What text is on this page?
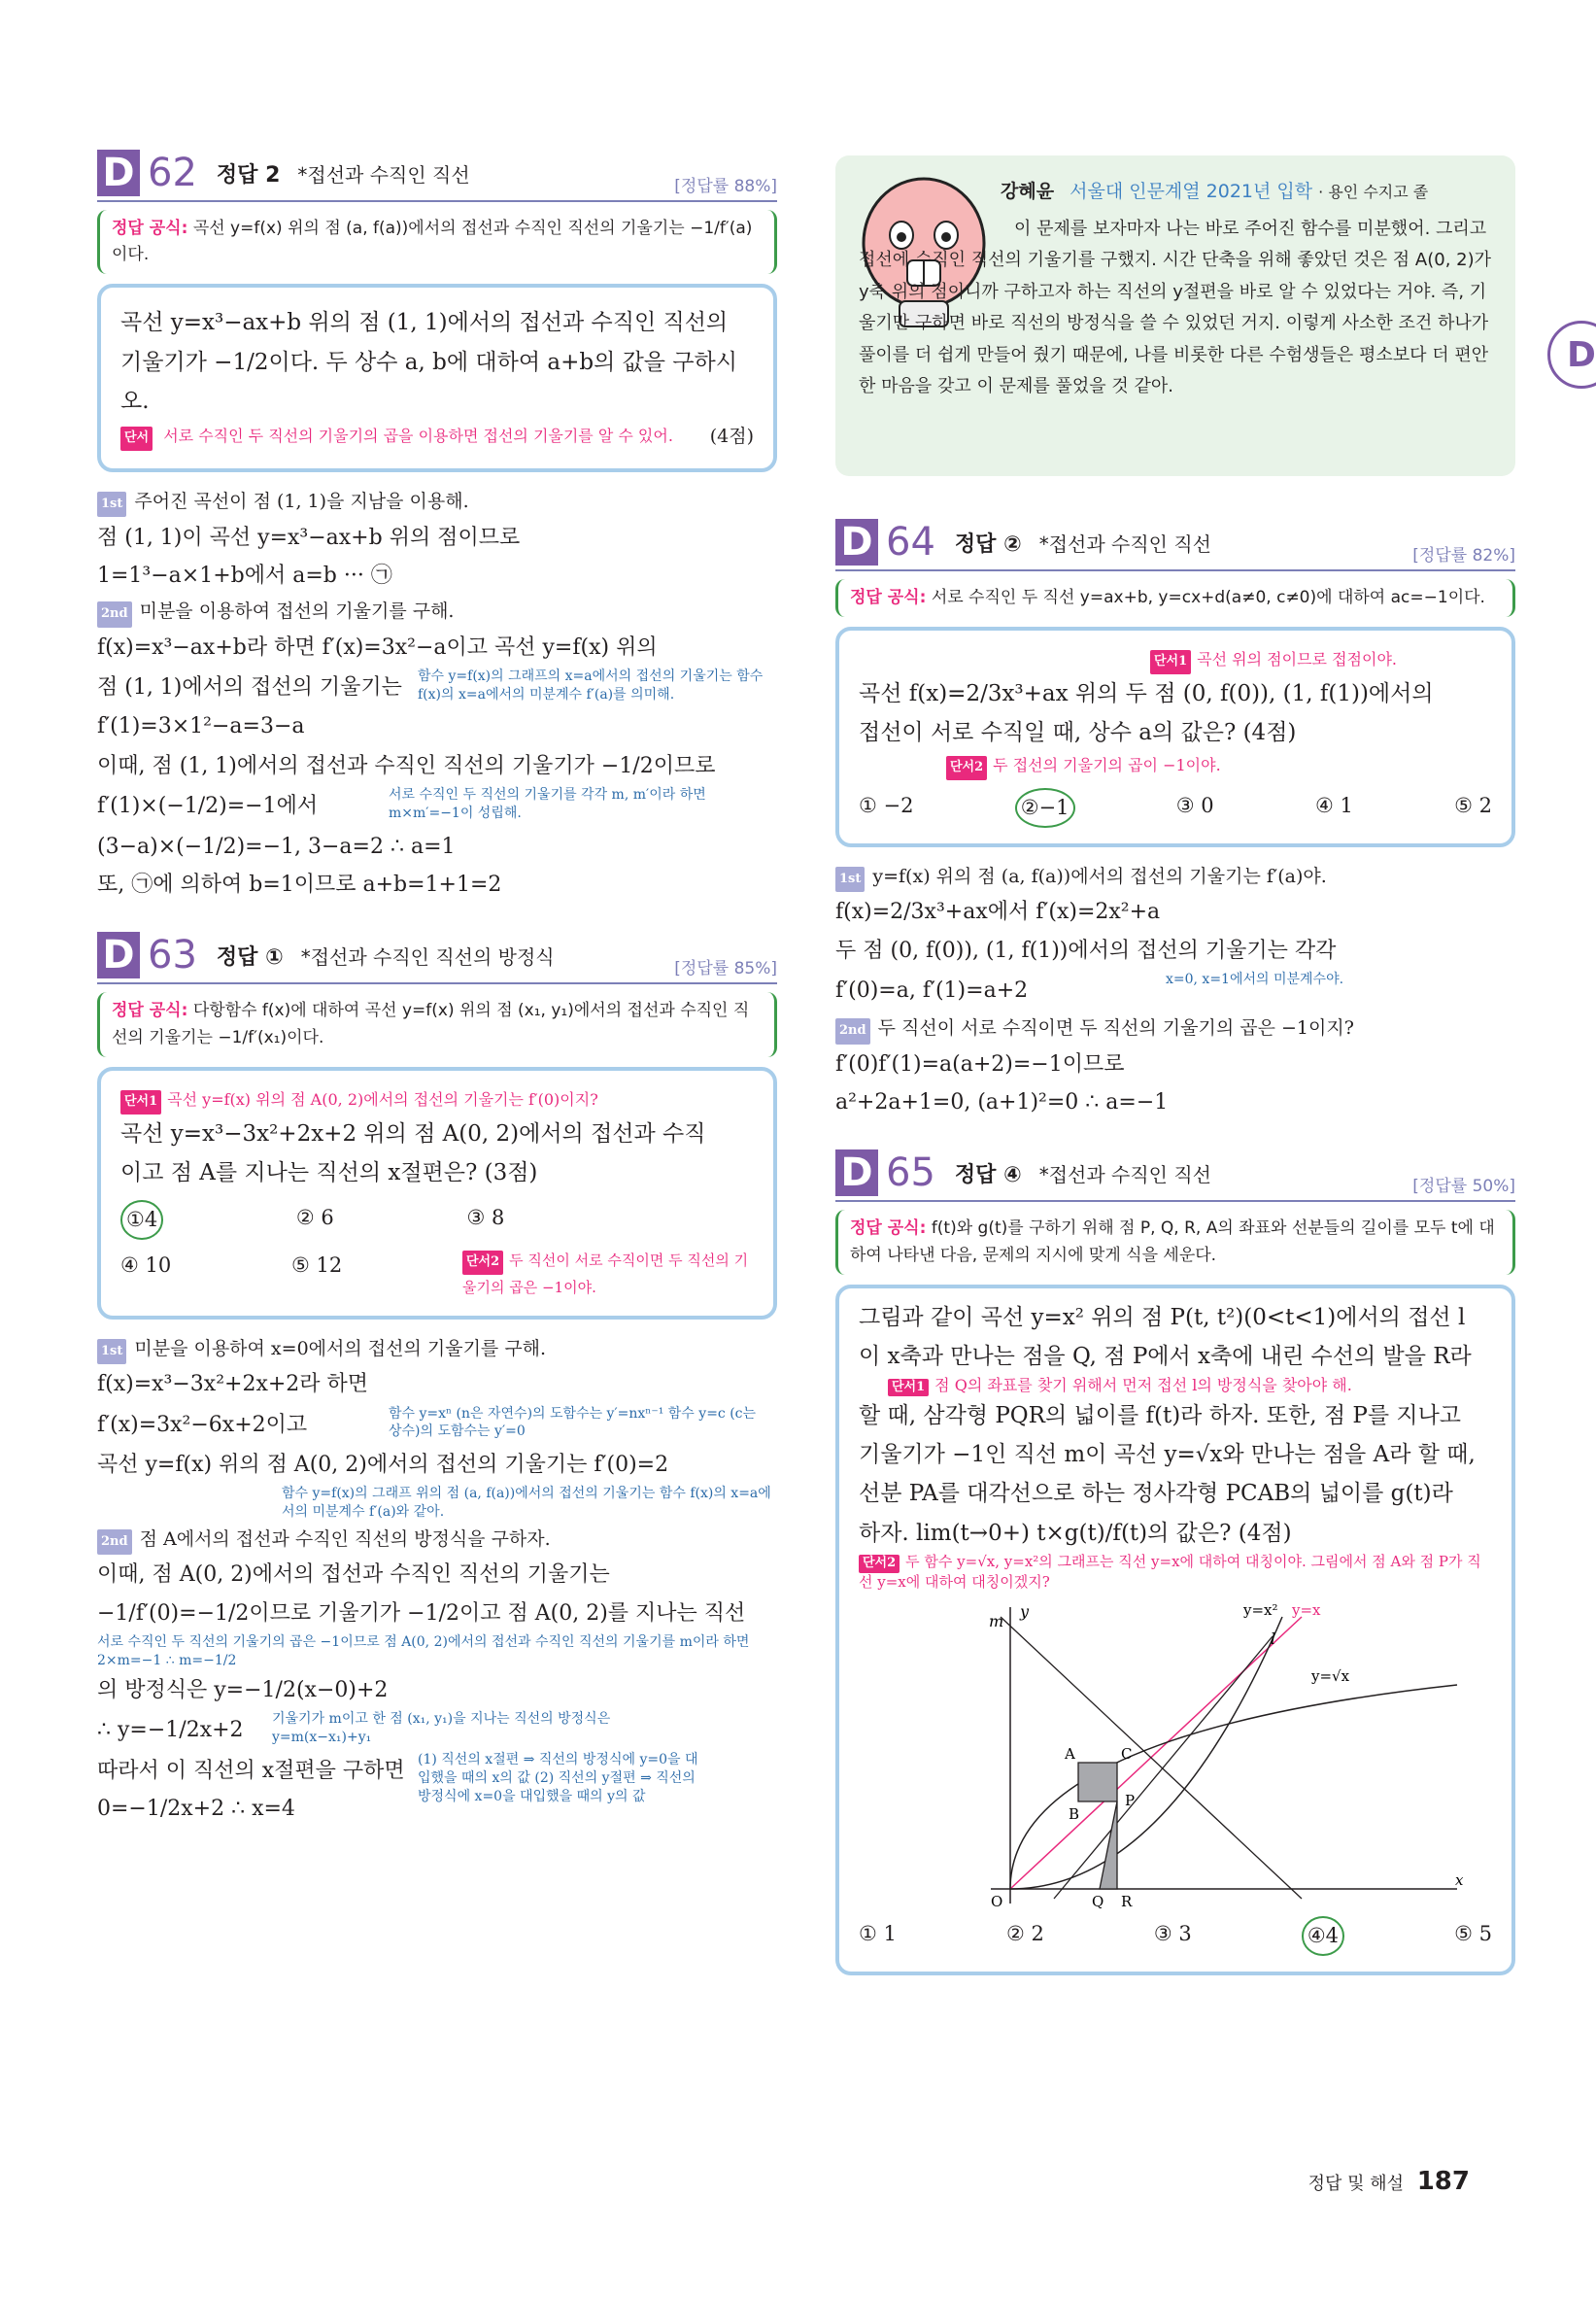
D 62 정답 2 *접선과 수직인 직선
[정답률 88%]
정답 공식: 곡선 y=f(x) 위의 점 (a, f(a))에서의 접선과 수직인 직선의 기울기는 −1/f′(a)이다.
곡선 y=x³−ax+b 위의 점 (1, 1)에서의 접선과 수직인 직선의
기울기가 −1/2이다. 두 상수 a, b에 대하여 a+b의 값을 구하시오.
단서 서로 수직인 두 직선의 기울기의 곱을 이용하면 접선의 기울기를 알 수 있어. (4점)
1st 주어진 곡선이 점 (1, 1)을 지남을 이용해.
점 (1, 1)이 곡선 y=x³−ax+b 위의 점이므로
1=1³−a×1+b에서 a=b ··· ㉠
2nd 미분을 이용하여 접선의 기울기를 구해.
f(x)=x³−ax+b라 하면 f′(x)=3x²−a이고 곡선 y=f(x) 위의
점 (1, 1)에서의 접선의 기울기는
f′(1)=3×1²−a=3−a
함수 y=f(x)의 그래프의 x=a에서의 접선의 기울기는 함수 f(x)의 x=a에서의 미분계수 f′(a)를 의미해.
이때, 점 (1, 1)에서의 접선과 수직인 직선의 기울기가 −1/2이므로
f′(1)×(−1/2)=−1에서	서로 수직인 두 직선의 기울기를 각각 m, m′이라 하면 m×m′=−1이 성립해.
(3−a)×(−1/2)=−1, 3−a=2 ∴ a=1
또, ㉠에 의하여 b=1이므로 a+b=1+1=2
D 63 정답 ① *접선과 수직인 직선의 방정식
[정답률 85%]
정답 공식: 다항함수 f(x)에 대하여 곡선 y=f(x) 위의 점 (x₁, y₁)에서의 접선과 수직인 직선의 기울기는 −1/f′(x₁)이다.
단서1 곡선 y=f(x) 위의 점 A(0, 2)에서의 접선의 기울기는 f′(0)이지?
곡선 y=x³−3x²+2x+2 위의 점 A(0, 2)에서의 접선과 수직
이고 점 A를 지나는 직선의 x절편은? (3점)
①4	② 6	③ 8
④ 10	⑤ 12	단서2 두 직선이 서로 수직이면 두 직선의 기울기의 곱은 −1이야.
1st 미분을 이용하여 x=0에서의 접선의 기울기를 구해.
f(x)=x³−3x²+2x+2라 하면
f′(x)=3x²−6x+2이고	함수 y=xⁿ (n은 자연수)의 도함수는 y′=nxⁿ⁻¹ 함수 y=c (c는 상수)의 도함수는 y′=0
곡선 y=f(x) 위의 점 A(0, 2)에서의 접선의 기울기는 f′(0)=2
함수 y=f(x)의 그래프 위의 점 (a, f(a))에서의 접선의 기울기는 함수 f(x)의 x=a에서의 미분계수 f′(a)와 같아.
2nd 점 A에서의 접선과 수직인 직선의 방정식을 구하자.
이때, 점 A(0, 2)에서의 접선과 수직인 직선의 기울기는
−1/f′(0)=−1/2이므로 기울기가 −1/2이고 점 A(0, 2)를 지나는 직선
서로 수직인 두 직선의 기울기의 곱은 −1이므로 점 A(0, 2)에서의 접선과 수직인 직선의 기울기를 m이라 하면 2×m=−1 ∴ m=−1/2
의 방정식은 y=−1/2(x−0)+2
∴ y=−1/2x+2	기울기가 m이고 한 점 (x₁, y₁)을 지나는 직선의 방정식은 y=m(x−x₁)+y₁
따라서 이 직선의 x절편을 구하면
0=−1/2x+2 ∴ x=4
(1) 직선의 x절편 ⇒ 직선의 방정식에 y=0을 대입했을 때의 x의 값 (2) 직선의 y절편 ⇒ 직선의 방정식에 x=0을 대입했을 때의 y의 값
강혜윤 서울대 인문계열 2021년 입학 · 용인 수지고 졸
이 문제를 보자마자 나는 바로 주어진 함수를 미분했어. 그리고 접선에 수직인 직선의 기울기를 구했지. 시간 단축을 위해 좋았던 것은 점 A(0, 2)가 y축 위의 점이니까 구하고자 하는 직선의 y절편을 바로 알 수 있었다는 거야. 즉, 기울기만 구하면 바로 직선의 방정식을 쓸 수 있었던 거지. 이렇게 사소한 조건 하나가 풀이를 더 쉽게 만들어 줬기 때문에, 나를 비롯한 다른 수험생들은 평소보다 더 편안한 마음을 갖고 이 문제를 풀었을 것 같아.
D
D 64 정답 ② *접선과 수직인 직선
[정답률 82%]
정답 공식: 서로 수직인 두 직선 y=ax+b, y=cx+d(a≠0, c≠0)에 대하여 ac=−1이다.
단서1 곡선 위의 점이므로 접점이야.
곡선 f(x)=2/3x³+ax 위의 두 점 (0, f(0)), (1, f(1))에서의
접선이 서로 수직일 때, 상수 a의 값은? (4점)
단서2 두 접선의 기울기의 곱이 −1이야.
① −2	②−1	③ 0	④ 1	⑤ 2
1st y=f(x) 위의 점 (a, f(a))에서의 접선의 기울기는 f′(a)야.
f(x)=2/3x³+ax에서 f′(x)=2x²+a
두 점 (0, f(0)), (1, f(1))에서의 접선의 기울기는 각각
f′(0)=a, f′(1)=a+2	x=0, x=1에서의 미분계수야.
2nd 두 직선이 서로 수직이면 두 직선의 기울기의 곱은 −1이지?
f′(0)f′(1)=a(a+2)=−1이므로
a²+2a+1=0, (a+1)²=0 ∴ a=−1
D 65 정답 ④ *접선과 수직인 직선
[정답률 50%]
정답 공식: f(t)와 g(t)를 구하기 위해 점 P, Q, R, A의 좌표와 선분들의 길이를 모두 t에 대하여 나타낸 다음, 문제의 지시에 맞게 식을 세운다.
그림과 같이 곡선 y=x² 위의 점 P(t, t²)(0<t<1)에서의 접선 l
이 x축과 만나는 점을 Q, 점 P에서 x축에 내린 수선의 발을 R라
단서1 점 Q의 좌표를 찾기 위해서 먼저 접선 l의 방정식을 찾아야 해.
할 때, 삼각형 PQR의 넓이를 f(t)라 하자. 또한, 점 P를 지나고
기울기가 −1인 직선 m이 곡선 y=√x와 만나는 점을 A라 할 때,
선분 PA를 대각선으로 하는 정사각형 PCAB의 넓이를 g(t)라
하자. lim(t→0+) t×g(t)/f(t)의 값은? (4점)
단서2 두 함수 y=√x, y=x²의 그래프는 직선 y=x에 대하여 대칭이야. 그림에서 점 A와 점 P가 직선 y=x에 대하여 대칭이겠지?
m
y	y=x² y=x
l
y=√x
A	C
B
P
O	Q R
x
① 1	② 2	③ 3	④4	⑤ 5
정답 및 해설 187
